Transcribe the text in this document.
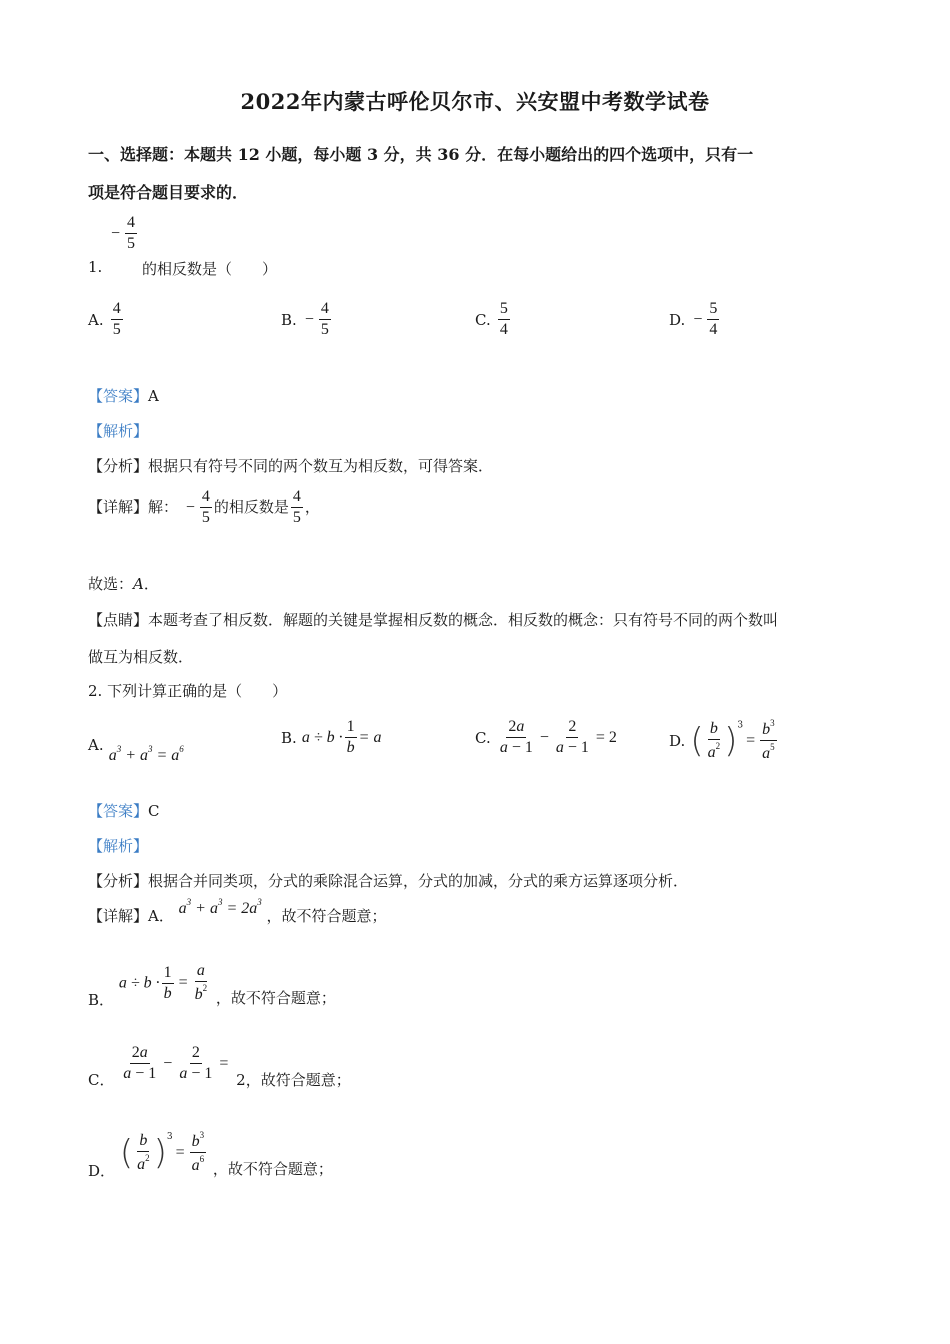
2022年内蒙古呼伦贝尔市、兴安盟中考数学试卷
一、选择题：本题共 12 小题，每小题 3 分，共 36 分．在每小题给出的四个选项中，只有一
项是符合题目要求的．
1.
− $\frac{4}{5}$
的相反数是（　　）
A. $\frac{4}{5}$	B. − $\frac{4}{5}$	C. $\frac{5}{4}$	D. − $\frac{5}{4}$
【答案】A
【解析】
【分析】根据只有符号不同的两个数互为相反数，可得答案．
【详解】解： − $\frac{4}{5}$ 的相反数是 $\frac{4}{5}$ ，
故选：A．
【点睛】本题考查了相反数．解题的关键是掌握相反数的概念．相反数的概念：只有符号不同的两个数叫
做互为相反数．
2. 下列计算正确的是（　　）
A. $a^3 + a^3 = a^6$
B. $a \div b \cdot \frac{1}{b} = a$	C. $\frac{2a}{a - 1} - \frac{2}{a - 1} = 2$	D. ( $\frac{b}{a^2} )^3= \frac{b^3}{a^5}$
【答案】C
【解析】
【分析】根据合并同类项，分式的乘除混合运算，分式的加减，分式的乘方运算逐项分析．
【详解】A． $a^3 + a^3 = 2a^3$ ，故不符合题意；
B． $a \div b \cdot \frac{1}{b} = \frac{a}{b^2}$ ，故不符合题意；
C． $\frac{2a}{a - 1} - \frac{2}{a - 1} = 2$，故符合题意；
D． ( $\frac{b}{a^2} )^3= \frac{b^3}{a^6}$ ，故不符合题意；
